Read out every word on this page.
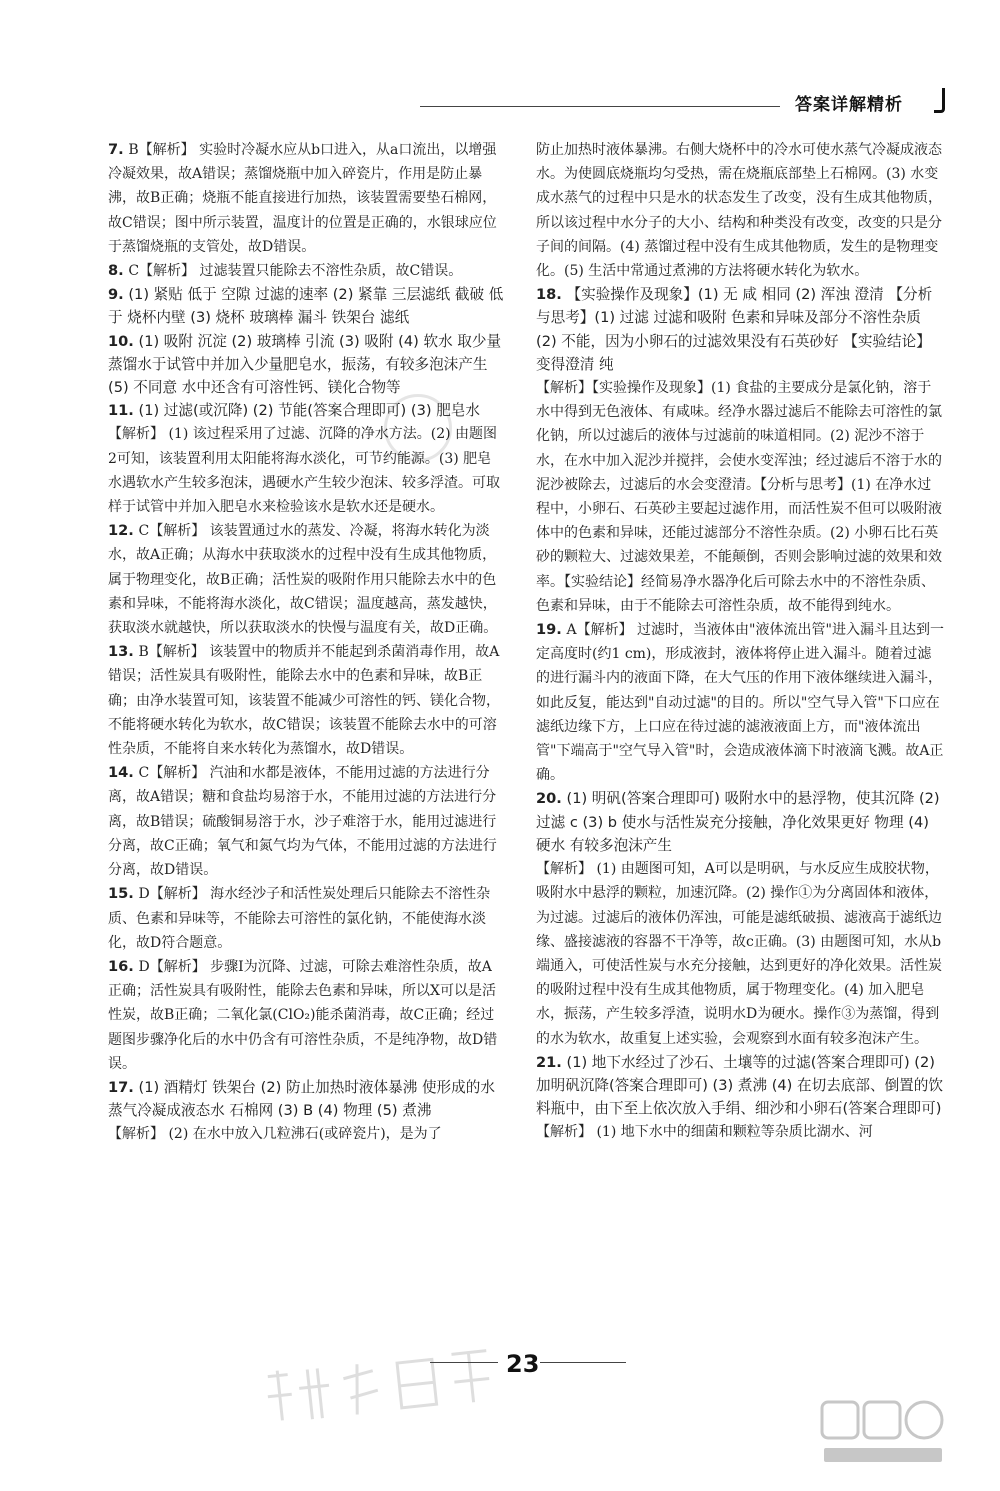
答案详解精析
7. B【解析】 实验时冷凝水应从b口进入，从a口流出，以增强冷凝效果，故A错误；蒸馏烧瓶中加入碎瓷片，作用是防止暴沸，故B正确；烧瓶不能直接进行加热，该装置需要垫石棉网，故C错误；图中所示装置，温度计的位置是正确的，水银球应位于蒸馏烧瓶的支管处，故D错误。
8. C【解析】 过滤装置只能除去不溶性杂质，故C错误。
9. (1) 紧贴 低于 空隙 过滤的速率 (2) 紧靠 三层滤纸 截破 低于 烧杯内壁 (3) 烧杯 玻璃棒 漏斗 铁架台 滤纸
10. (1) 吸附 沉淀 (2) 玻璃棒 引流 (3) 吸附 (4) 软水 取少量蒸馏水于试管中并加入少量肥皂水，振荡，有较多泡沫产生 (5) 不同意 水中还含有可溶性钙、镁化合物等
11. (1) 过滤(或沉降) (2) 节能(答案合理即可) (3) 肥皂水
【解析】 (1) 该过程采用了过滤、沉降的净水方法。(2) 由题图2可知，该装置利用太阳能将海水淡化，可节约能源。(3) 肥皂水遇软水产生较多泡沫，遇硬水产生较少泡沫、较多浮渣。可取样于试管中并加入肥皂水来检验该水是软水还是硬水。
12. C【解析】 该装置通过水的蒸发、冷凝，将海水转化为淡水，故A正确；从海水中获取淡水的过程中没有生成其他物质，属于物理变化，故B正确；活性炭的吸附作用只能除去水中的色素和异味，不能将海水淡化，故C错误；温度越高，蒸发越快，获取淡水就越快，所以获取淡水的快慢与温度有关，故D正确。
13. B【解析】 该装置中的物质并不能起到杀菌消毒作用，故A错误；活性炭具有吸附性，能除去水中的色素和异味，故B正确；由净水装置可知，该装置不能减少可溶性的钙、镁化合物，不能将硬水转化为软水，故C错误；该装置不能除去水中的可溶性杂质，不能将自来水转化为蒸馏水，故D错误。
14. C【解析】 汽油和水都是液体，不能用过滤的方法进行分离，故A错误；糖和食盐均易溶于水，不能用过滤的方法进行分离，故B错误；硫酸铜易溶于水，沙子难溶于水，能用过滤进行分离，故C正确；氧气和氮气均为气体，不能用过滤的方法进行分离，故D错误。
15. D【解析】 海水经沙子和活性炭处理后只能除去不溶性杂质、色素和异味等，不能除去可溶性的氯化钠，不能使海水淡化，故D符合题意。
16. D【解析】 步骤Ⅰ为沉降、过滤，可除去难溶性杂质，故A正确；活性炭具有吸附性，能除去色素和异味，所以X可以是活性炭，故B正确；二氧化氯(ClO₂)能杀菌消毒，故C正确；经过题图步骤净化后的水中仍含有可溶性杂质，不是纯净物，故D错误。
17. (1) 酒精灯 铁架台 (2) 防止加热时液体暴沸 使形成的水蒸气冷凝成液态水 石棉网 (3) B (4) 物理 (5) 煮沸
【解析】 (2) 在水中放入几粒沸石(或碎瓷片)，是为了
防止加热时液体暴沸。右侧大烧杯中的冷水可使水蒸气冷凝成液态水。为使圆底烧瓶均匀受热，需在烧瓶底部垫上石棉网。(3) 水变成水蒸气的过程中只是水的状态发生了改变，没有生成其他物质，所以该过程中水分子的大小、结构和种类没有改变，改变的只是分子间的间隔。(4) 蒸馏过程中没有生成其他物质，发生的是物理变化。(5) 生活中常通过煮沸的方法将硬水转化为软水。
18. 【实验操作及现象】(1) 无 咸 相同 (2) 浑浊 澄清 【分析与思考】(1) 过滤 过滤和吸附 色素和异味及部分不溶性杂质 (2) 不能，因为小卵石的过滤效果没有石英砂好 【实验结论】变得澄清 纯
【解析】【实验操作及现象】(1) 食盐的主要成分是氯化钠，溶于水中得到无色液体、有咸味。经净水器过滤后不能除去可溶性的氯化钠，所以过滤后的液体与过滤前的味道相同。(2) 泥沙不溶于水，在水中加入泥沙并搅拌，会使水变浑浊；经过滤后不溶于水的泥沙被除去，过滤后的水会变澄清。【分析与思考】(1) 在净水过程中，小卵石、石英砂主要起过滤作用，而活性炭不但可以吸附液体中的色素和异味，还能过滤部分不溶性杂质。(2) 小卵石比石英砂的颗粒大、过滤效果差，不能颠倒，否则会影响过滤的效果和效率。【实验结论】经简易净水器净化后可除去水中的不溶性杂质、色素和异味，由于不能除去可溶性杂质，故不能得到纯水。
19. A【解析】 过滤时，当液体由"液体流出管"进入漏斗且达到一定高度时(约1 cm)，形成液封，液体将停止进入漏斗。随着过滤的进行漏斗内的液面下降，在大气压的作用下液体继续进入漏斗，如此反复，能达到"自动过滤"的目的。所以"空气导入管"下口应在滤纸边缘下方，上口应在待过滤的滤液液面上方，而"液体流出管"下端高于"空气导入管"时，会造成液体滴下时液滴飞溅。故A正确。
20. (1) 明矾(答案合理即可) 吸附水中的悬浮物，使其沉降 (2) 过滤 c (3) b 使水与活性炭充分接触，净化效果更好 物理 (4) 硬水 有较多泡沫产生
【解析】 (1) 由题图可知，A可以是明矾，与水反应生成胶状物，吸附水中悬浮的颗粒，加速沉降。(2) 操作①为分离固体和液体，为过滤。过滤后的液体仍浑浊，可能是滤纸破损、滤液高于滤纸边缘、盛接滤液的容器不干净等，故c正确。(3) 由题图可知，水从b端通入，可使活性炭与水充分接触，达到更好的净化效果。活性炭的吸附过程中没有生成其他物质，属于物理变化。(4) 加入肥皂水，振荡，产生较多浮渣，说明水D为硬水。操作③为蒸馏，得到的水为软水，故重复上述实验，会观察到水面有较多泡沫产生。
21. (1) 地下水经过了沙石、土壤等的过滤(答案合理即可) (2) 加明矾沉降(答案合理即可) (3) 煮沸 (4) 在切去底部、倒置的饮料瓶中，由下至上依次放入手绢、细沙和小卵石(答案合理即可)
【解析】 (1) 地下水中的细菌和颗粒等杂质比湖水、河
23
